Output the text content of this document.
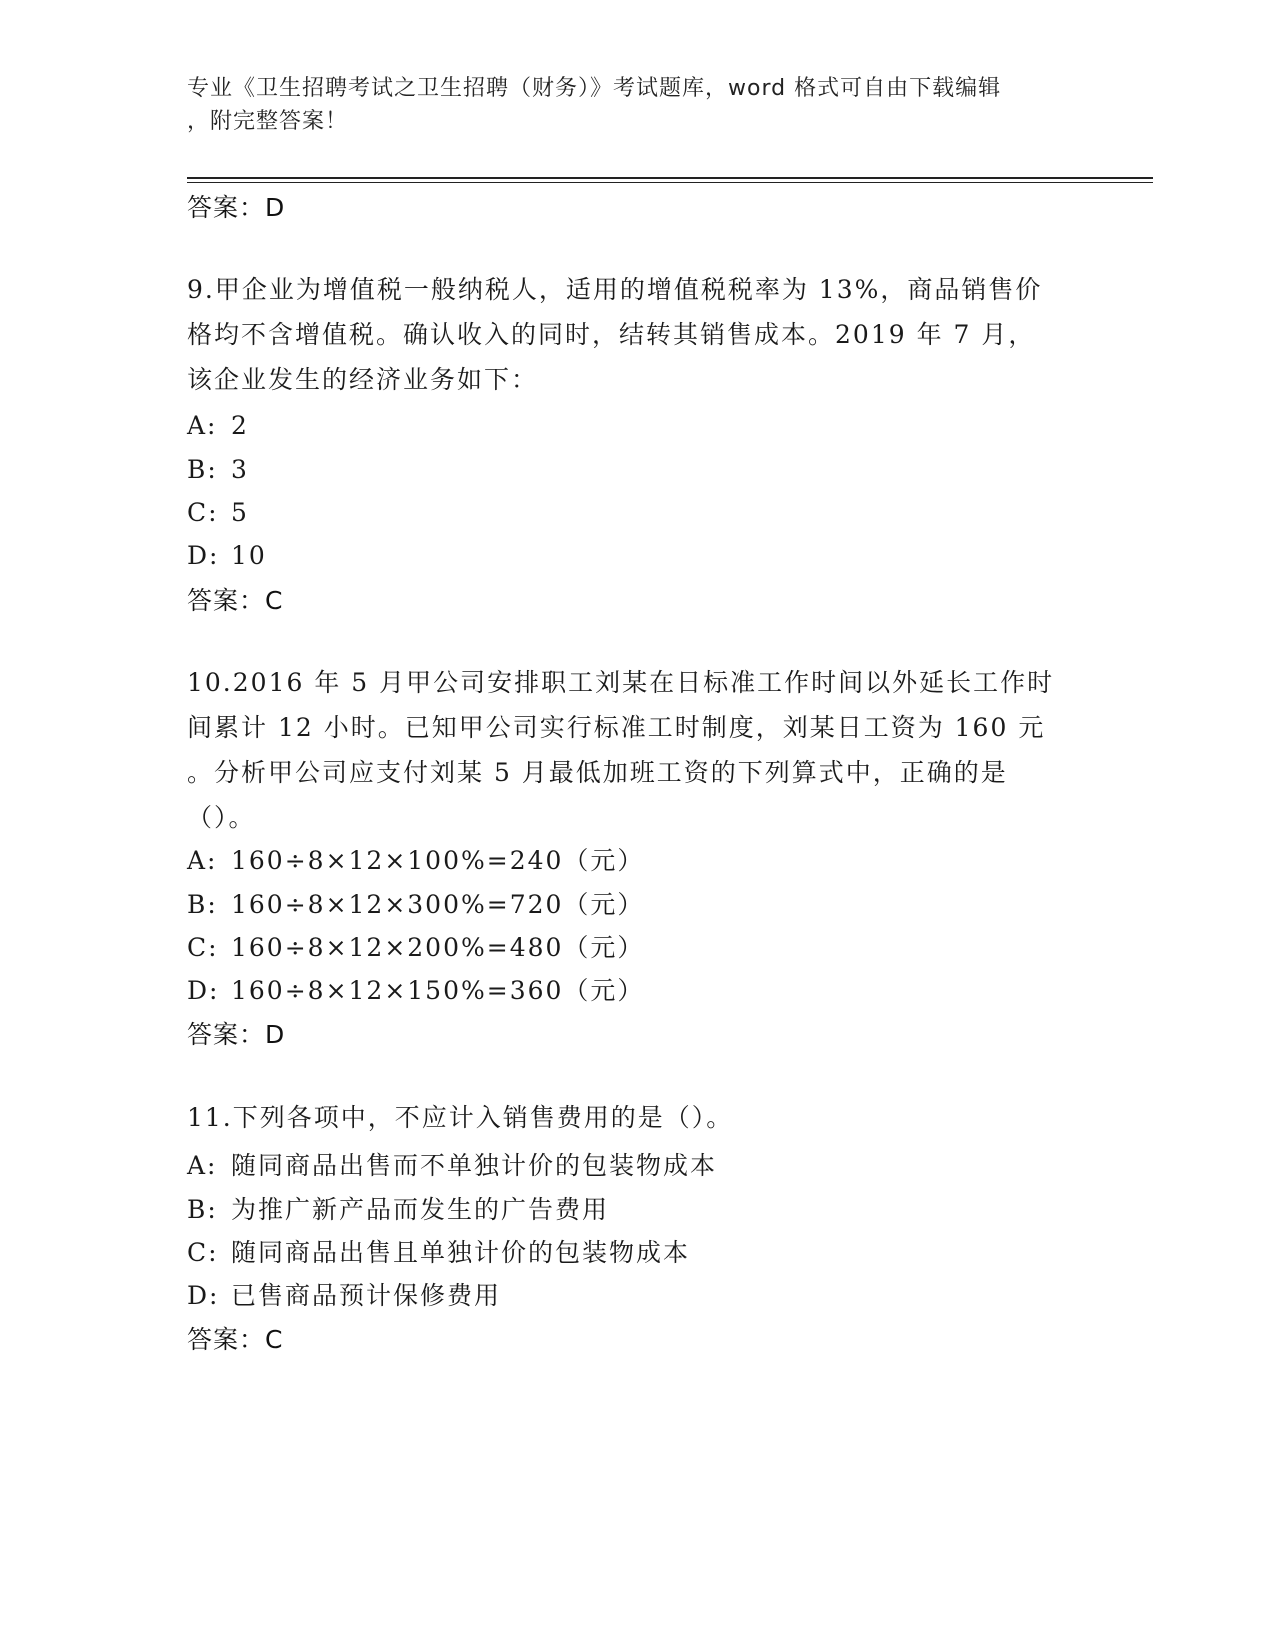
专业《卫生招聘考试之卫生招聘（财务）》考试题库，word 格式可自由下载编辑
，附完整答案！
答案：D
9.甲企业为增值税一般纳税人，适用的增值税税率为 13%，商品销售价
格均不含增值税。确认收入的同时，结转其销售成本。2019 年 7 月，
该企业发生的经济业务如下：
A: 2
B: 3
C: 5
D: 10
答案：C
10.2016 年 5 月甲公司安排职工刘某在日标准工作时间以外延长工作时
间累计 12 小时。已知甲公司实行标准工时制度，刘某日工资为 160 元
。分析甲公司应支付刘某 5 月最低加班工资的下列算式中，正确的是
（）。
A: 160÷8×12×100%=240（元）
B: 160÷8×12×300%=720（元）
C: 160÷8×12×200%=480（元）
D: 160÷8×12×150%=360（元）
答案：D
11.下列各项中，不应计入销售费用的是（）。
A: 随同商品出售而不单独计价的包装物成本
B: 为推广新产品而发生的广告费用
C: 随同商品出售且单独计价的包装物成本
D: 已售商品预计保修费用
答案：C
